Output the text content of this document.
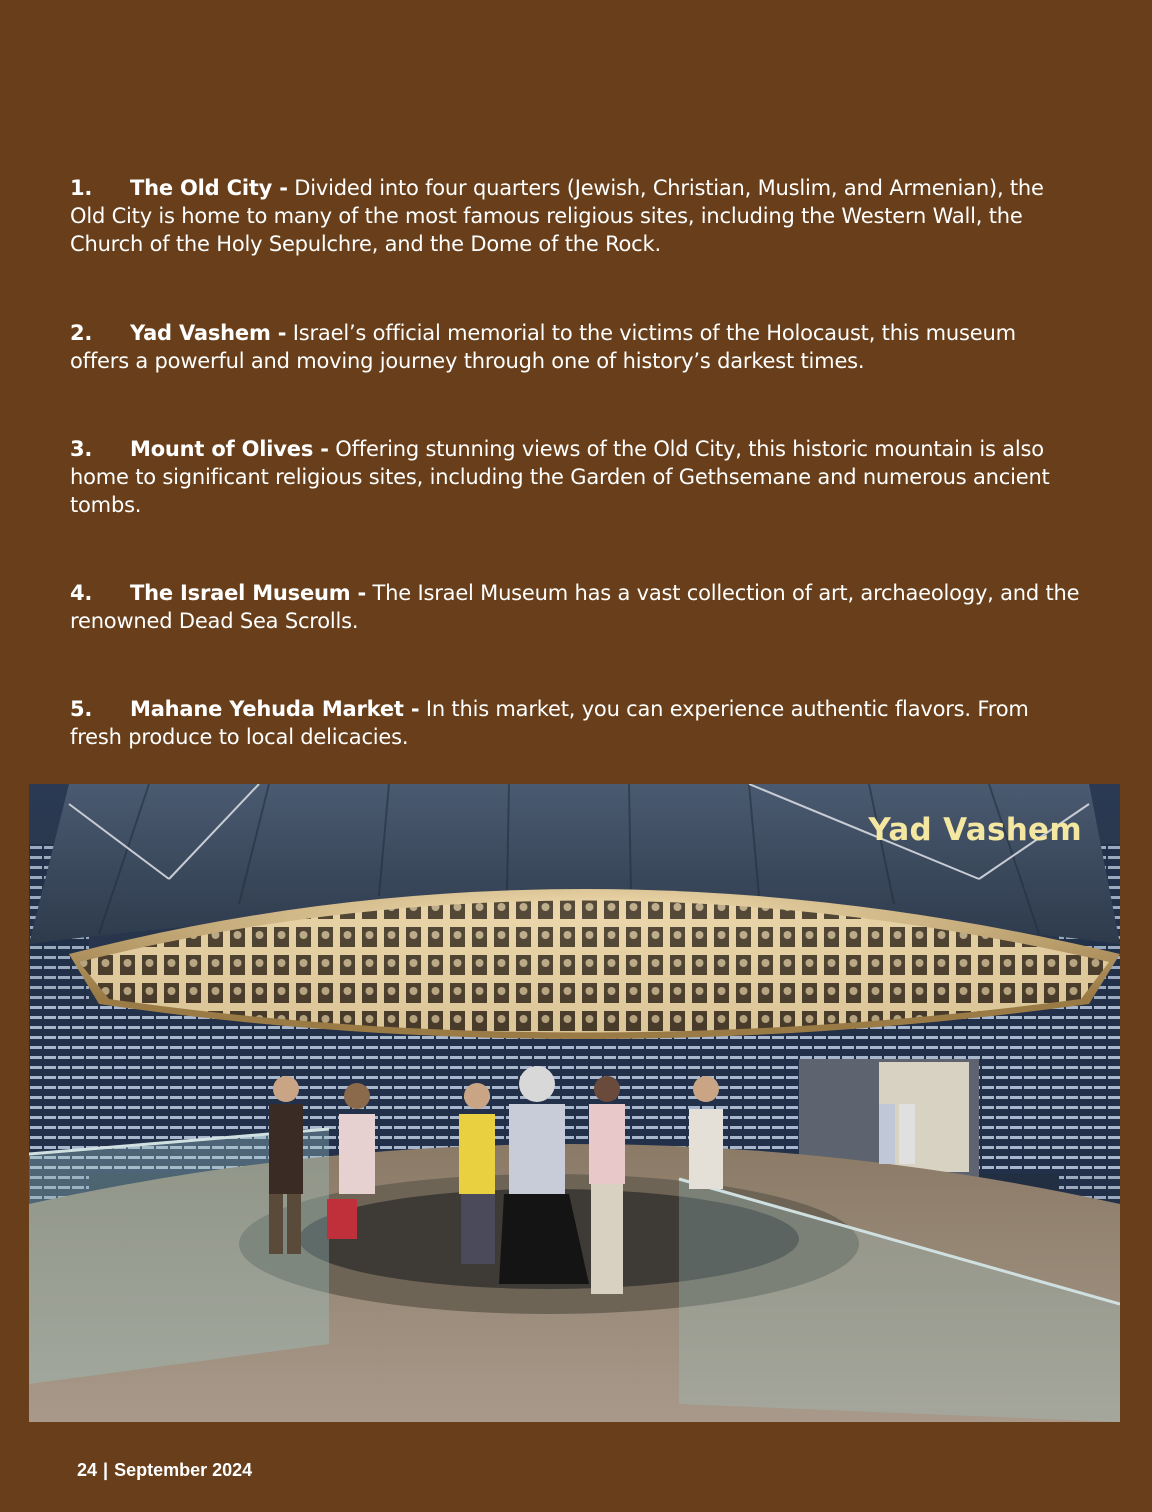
1. The Old City - Divided into four quarters (Jewish, Christian, Muslim, and Armenian), the Old City is home to many of the most famous religious sites, including the Western Wall, the Church of the Holy Sepulchre, and the Dome of the Rock.

2. Yad Vashem - Israel’s official memorial to the victims of the Holocaust, this museum offers a powerful and moving journey through one of history’s darkest times.

3. Mount of Olives - Offering stunning views of the Old City, this historic mountain is also home to significant religious sites, including the Garden of Gethsemane and numerous ancient tombs.

4. The Israel Museum - The Israel Museum has a vast collection of art, archaeology, and the renowned Dead Sea Scrolls.

5. Mahane Yehuda Market - In this market, you can experience authentic flavors. From fresh produce to local delicacies.

Yad Vashem
24 | September 2024
